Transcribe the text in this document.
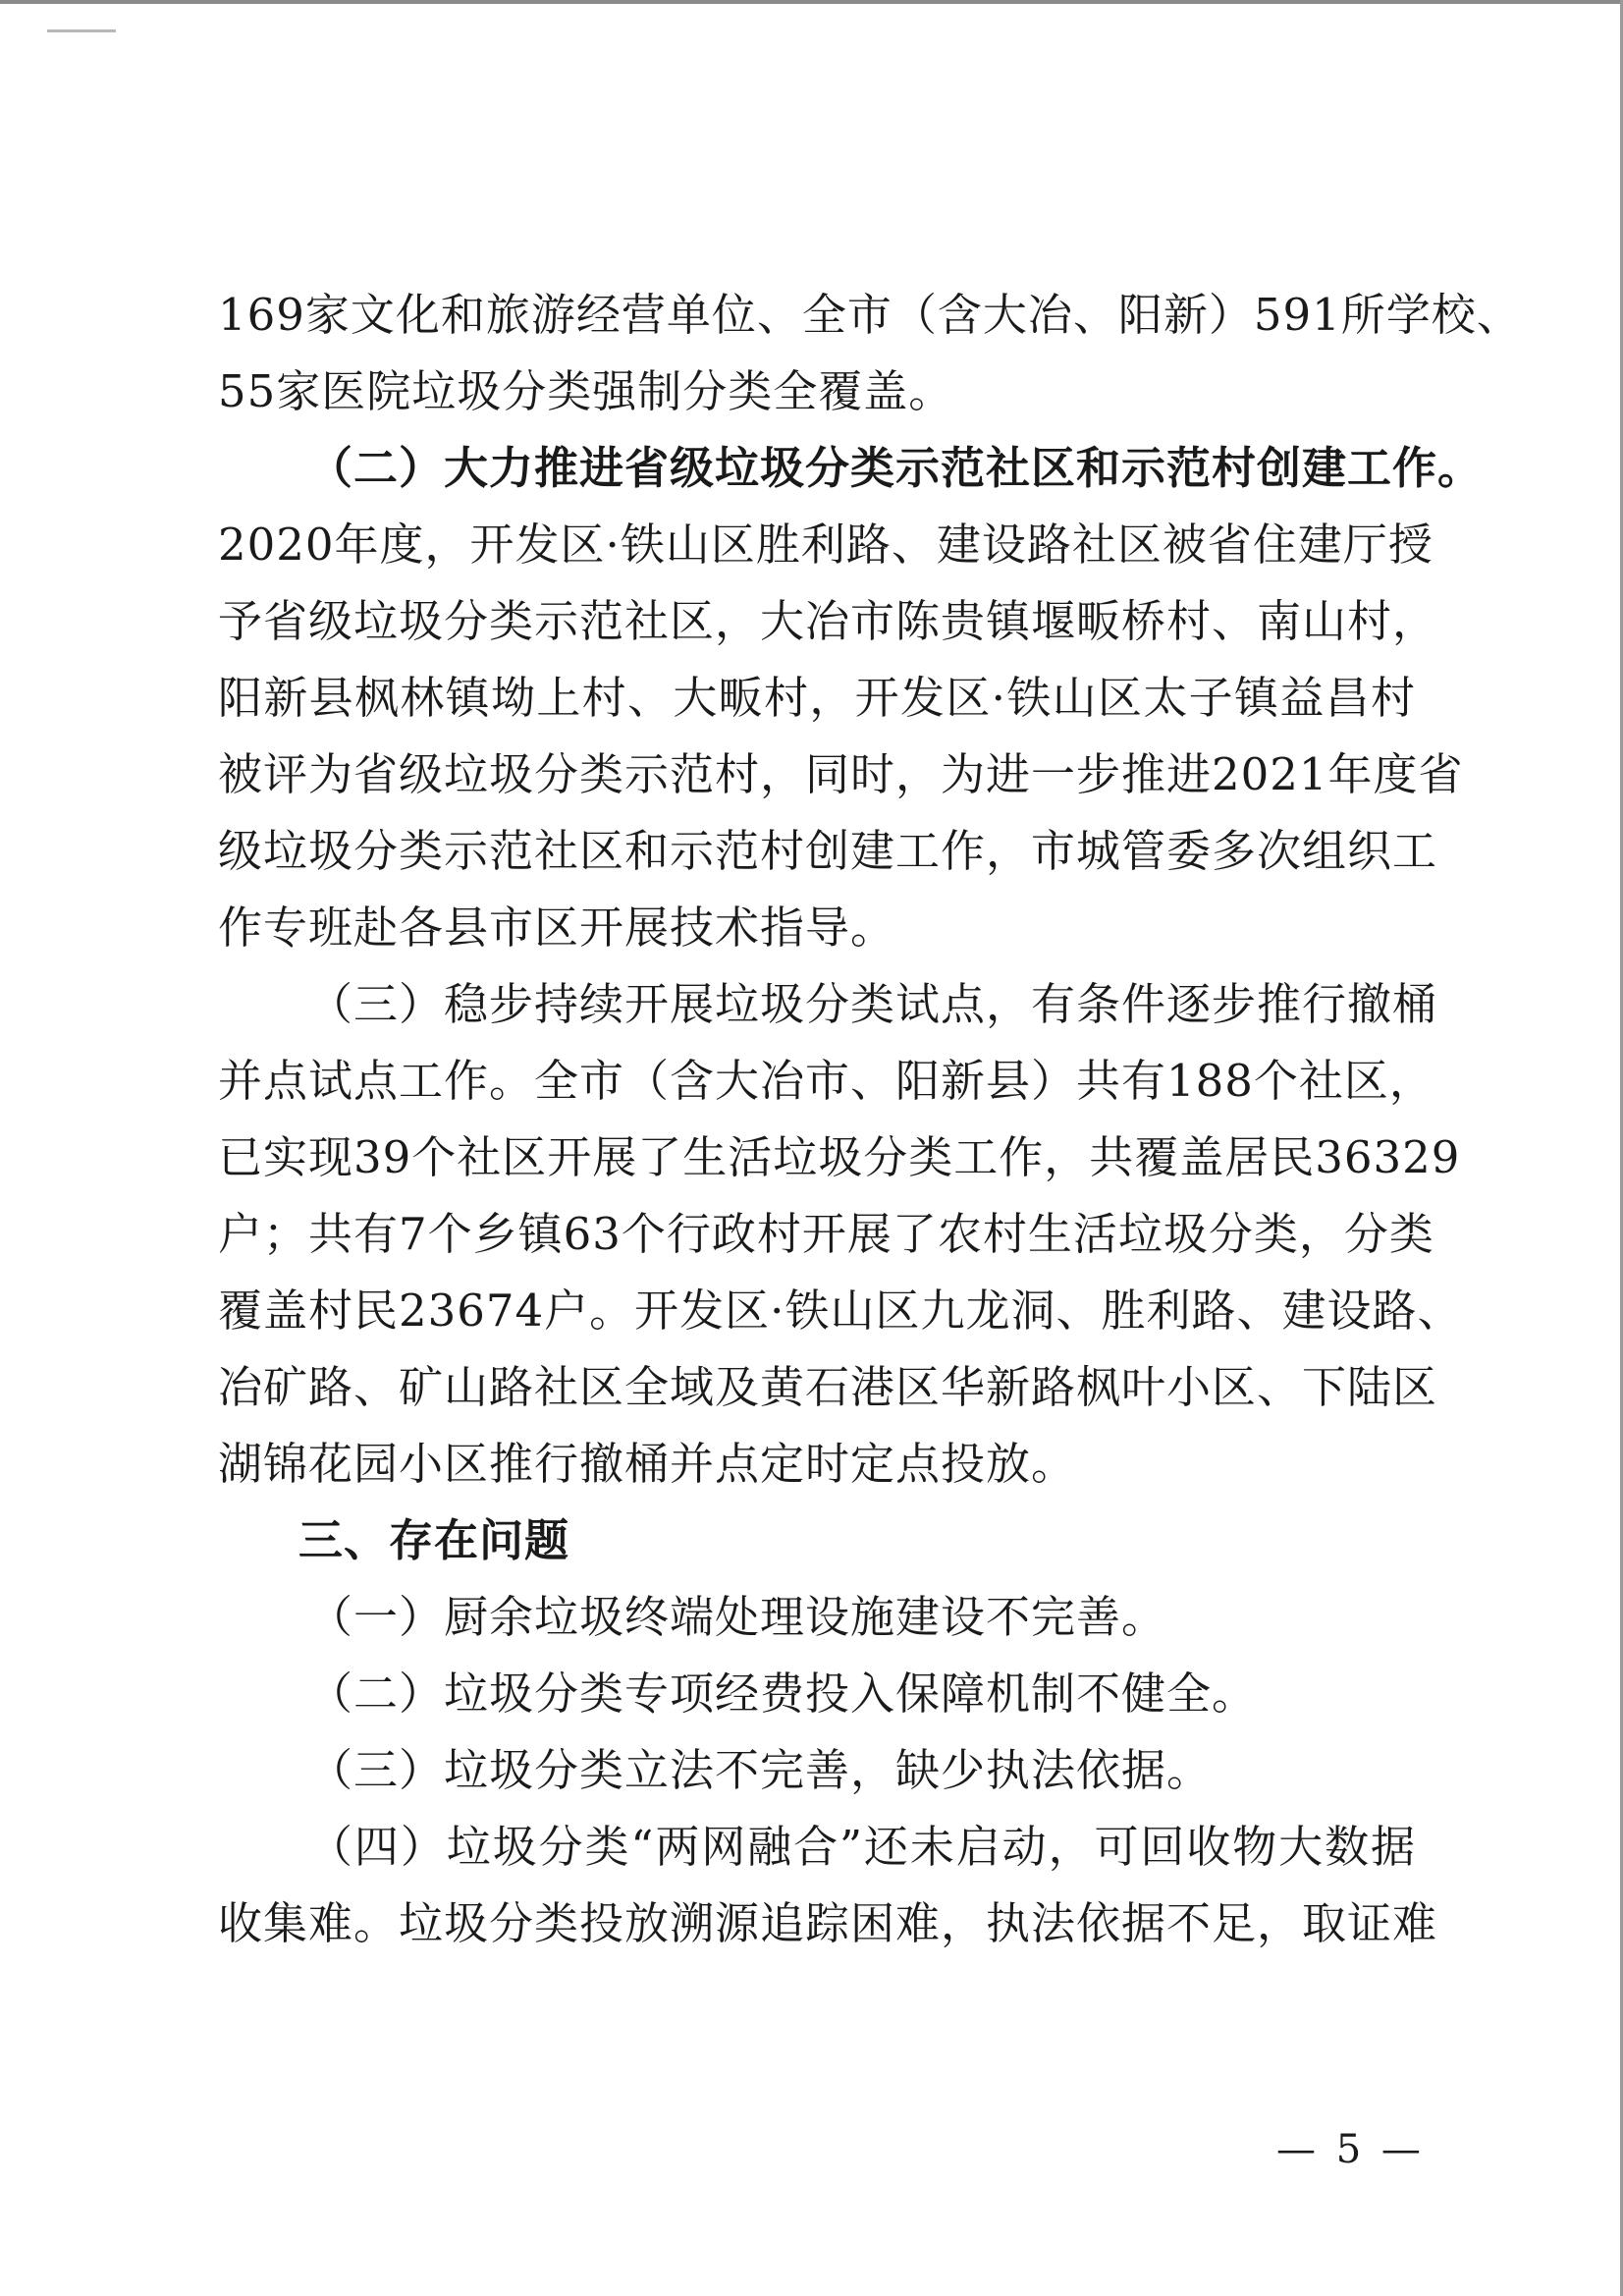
169家文化和旅游经营单位、全市（含大冶、阳新）591所学校、
55家医院垃圾分类强制分类全覆盖。
（二）大力推进省级垃圾分类示范社区和示范村创建工作。
2020年度，开发区·铁山区胜利路、建设路社区被省住建厅授
予省级垃圾分类示范社区，大冶市陈贵镇堰畈桥村、南山村，
阳新县枫林镇坳上村、大畈村，开发区·铁山区太子镇益昌村
被评为省级垃圾分类示范村，同时，为进一步推进2021年度省
级垃圾分类示范社区和示范村创建工作，市城管委多次组织工
作专班赴各县市区开展技术指导。
（三）稳步持续开展垃圾分类试点，有条件逐步推行撤桶
并点试点工作。全市（含大冶市、阳新县）共有188个社区，
已实现39个社区开展了生活垃圾分类工作，共覆盖居民36329
户；共有7个乡镇63个行政村开展了农村生活垃圾分类，分类
覆盖村民23674户。开发区·铁山区九龙洞、胜利路、建设路、
冶矿路、矿山路社区全域及黄石港区华新路枫叶小区、下陆区
湖锦花园小区推行撤桶并点定时定点投放。
三、存在问题
（一）厨余垃圾终端处理设施建设不完善。
（二）垃圾分类专项经费投入保障机制不健全。
（三）垃圾分类立法不完善，缺少执法依据。
（四）垃圾分类“两网融合”还未启动，可回收物大数据
收集难。垃圾分类投放溯源追踪困难，执法依据不足，取证难
— 5 —
